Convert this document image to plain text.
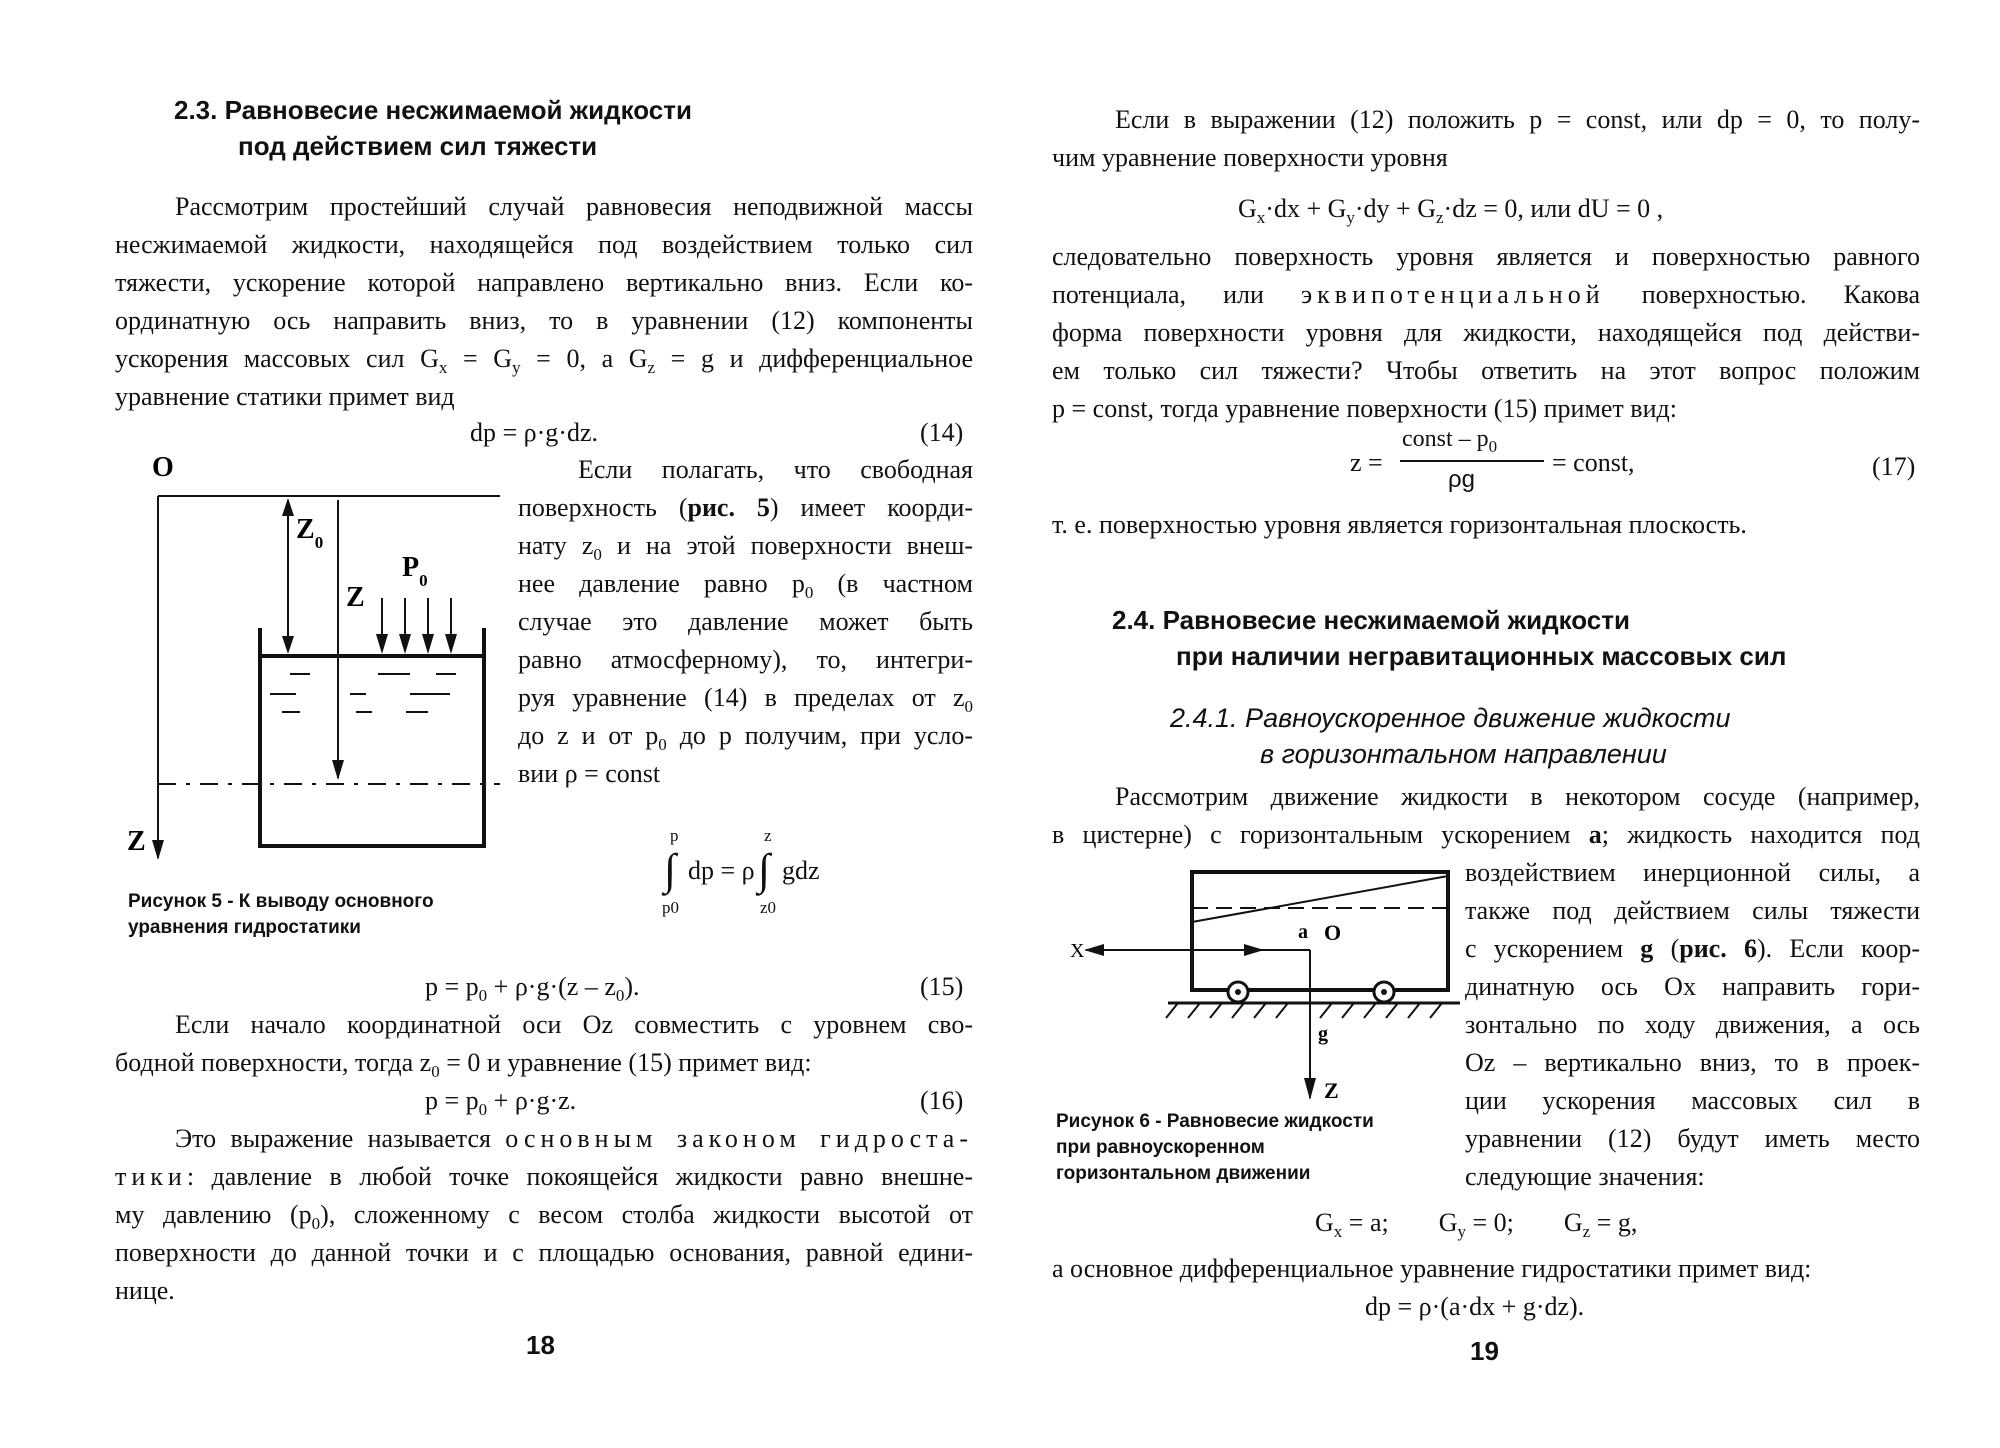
2.3. Равновесие несжимаемой жидкости
под действием сил тяжести
Рассмотрим простейший случай равновесия неподвижной массы
несжимаемой жидкости, находящейся под воздействием только сил
тяжести, ускорение которой направлено вертикально вниз. Если ко-
ординатную ось направить вниз, то в уравнении (12) компоненты
ускорения массовых сил $G_x = G_y = 0$, а $G_z = g$ и дифференциальное
уравнение статики примет вид
dp = ρ·g·dz.	(14)
Если полагать, что свободная
поверхность (рис. 5) имеет коорди-
нату $z_0$ и на этой поверхности внеш-
нее давление равно $p_0$ (в частном
случае это давление может быть
равно атмосферному), то, интегри-
руя уравнение (14) в пределах от $z_0$
до z и от $p_0$ до p получим, при усло-
вии ρ = const
O
Z
$Z_0$
Z
$P_0$
Рисунок 5 - К выводу основного
уравнения гидростатики
p
∫ dp = ρ
p0
z
∫ gdz
z0
$p = p_0 + \rho\cdot g\cdot(z - z_0)$.	(15)
Если начало координатной оси Oz совместить с уровнем сво-
бодной поверхности, тогда $z_0 = 0$ и уравнение (15) примет вид:
$p = p_0 + \rho\cdot g\cdot z$.	(16)
Это выражение называется основным законом гидроста-
тики: давление в любой точке покоящейся жидкости равно внешне-
му давлению $(p_0)$, сложенному с весом столба жидкости высотой от
поверхности до данной точки и с площадью основания, равной едини-
нице.
18
Если в выражении (12) положить p = const, или dp = 0, то полу-
чим уравнение поверхности уровня
$G_x\cdot dx + G_y\cdot dy + G_z\cdot dz = 0$, или dU = 0 ,
следовательно поверхность уровня является и поверхностью равного
потенциала, или эквипотенциальной поверхностью. Какова
форма поверхности уровня для жидкости, находящейся под действи-
ем только сил тяжести? Чтобы ответить на этот вопрос положим
p = const, тогда уравнение поверхности (15) примет вид:
z =
const – $p_0$
ρg
= const,	(17)
т. е. поверхностью уровня является горизонтальная плоскость.
2.4. Равновесие несжимаемой жидкости
при наличии негравитационных массовых сил
2.4.1. Равноускоренное движение жидкости
в горизонтальном направлении
Рассмотрим движение жидкости в некотором сосуде (например,
в цистерне) с горизонтальным ускорением a; жидкость находится под
воздействием инерционной силы, а
также под действием силы тяжести
с ускорением g (рис. 6). Если коор-
динатную ось Ox направить гори-
зонтально по ходу движения, а ось
Oz – вертикально вниз, то в проек-
ции ускорения массовых сил в
уравнении (12) будут иметь место
следующие значения:
X
a O
g
Z
Рисунок 6 - Равновесие жидкости
при равноускоренном
горизонтальном движении
$G_x = a$; $G_y = 0$; $G_z = g$,
а основное дифференциальное уравнение гидростатики примет вид:
dp = ρ·(a·dx + g·dz).
19
